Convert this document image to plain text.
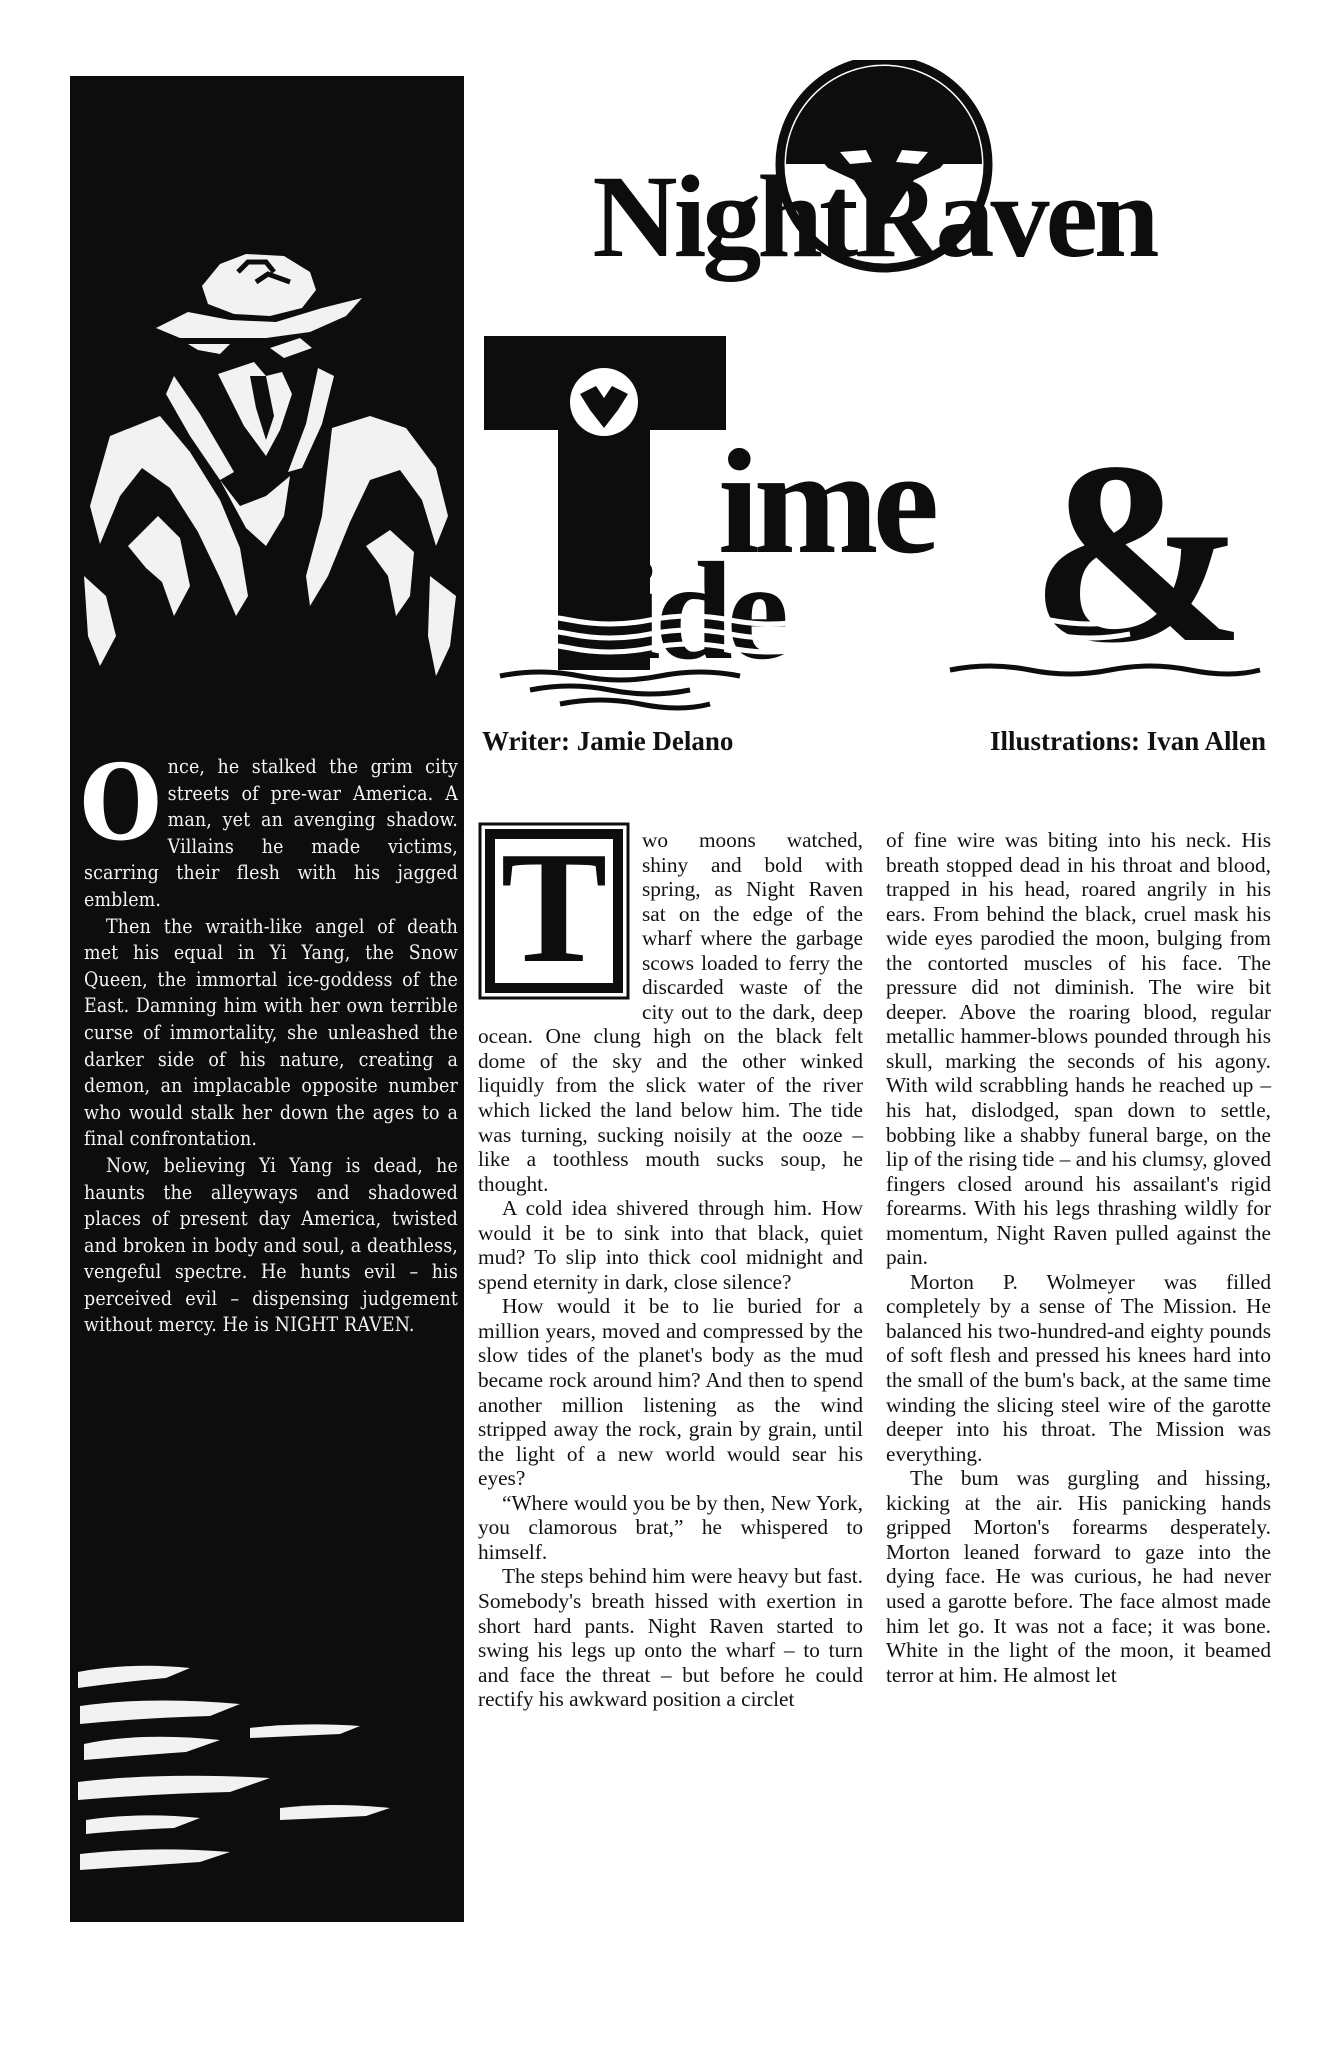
Once, he stalked the grim city streets of pre-war America. A man, yet an avenging shadow. Villains he made victims, scarring their flesh with his jagged emblem.

Then the wraith-like angel of death met his equal in Yi Yang, the Snow Queen, the immortal ice-goddess of the East. Damning him with her own terrible curse of immortality, she unleashed the darker side of his nature, creating a demon, an implacable opposite number who would stalk her down the ages to a final confrontation.

Now, believing Yi Yang is dead, he haunts the alleyways and shadowed places of present day America, twisted and broken in body and soul, a deathless, vengeful spectre. He hunts evil – his perceived evil – dispensing judgement without mercy. He is NIGHT RAVEN.

NightRaven
ime
ide &
Writer: Jamie Delano	Illustrations: Ivan Allen
T	wo moons watched, shiny and bold with spring, as Night Raven sat on the edge of the wharf where the garbage scows loaded to ferry the discarded waste of the city out to the dark, deep ocean. One clung high on the black felt dome of the sky and the other winked liquidly from the slick water of the river which licked the land below him. The tide was turning, sucking noisily at the ooze – like a toothless mouth sucks soup, he thought.

A cold idea shivered through him. How would it be to sink into that black, quiet mud? To slip into thick cool midnight and spend eternity in dark, close silence?

How would it be to lie buried for a million years, moved and compressed by the slow tides of the planet's body as the mud became rock around him? And then to spend another million listening as the wind stripped away the rock, grain by grain, until the light of a new world would sear his eyes?

“Where would you be by then, New York, you clamorous brat,” he whispered to himself.

The steps behind him were heavy but fast. Somebody's breath hissed with exertion in short hard pants. Night Raven started to swing his legs up onto the wharf – to turn and face the threat – but before he could rectify his awkward position a circlet

of fine wire was biting into his neck. His breath stopped dead in his throat and blood, trapped in his head, roared angrily in his ears. From behind the black, cruel mask his wide eyes parodied the moon, bulging from the contorted muscles of his face. The pressure did not diminish. The wire bit deeper. Above the roaring blood, regular metallic hammer-blows pounded through his skull, marking the seconds of his agony. With wild scrabbling hands he reached up – his hat, dislodged, span down to settle, bobbing like a shabby funeral barge, on the lip of the rising tide – and his clumsy, gloved fingers closed around his assailant's rigid forearms. With his legs thrashing wildly for momentum, Night Raven pulled against the pain.

Morton P. Wolmeyer was filled completely by a sense of The Mission. He balanced his two-hundred-and eighty pounds of soft flesh and pressed his knees hard into the small of the bum's back, at the same time winding the slicing steel wire of the garotte deeper into his throat. The Mission was everything.

The bum was gurgling and hissing, kicking at the air. His panicking hands gripped Morton's forearms desperately. Morton leaned forward to gaze into the dying face. He was curious, he had never used a garotte before. The face almost made him let go. It was not a face; it was bone. White in the light of the moon, it beamed terror at him. He almost let
